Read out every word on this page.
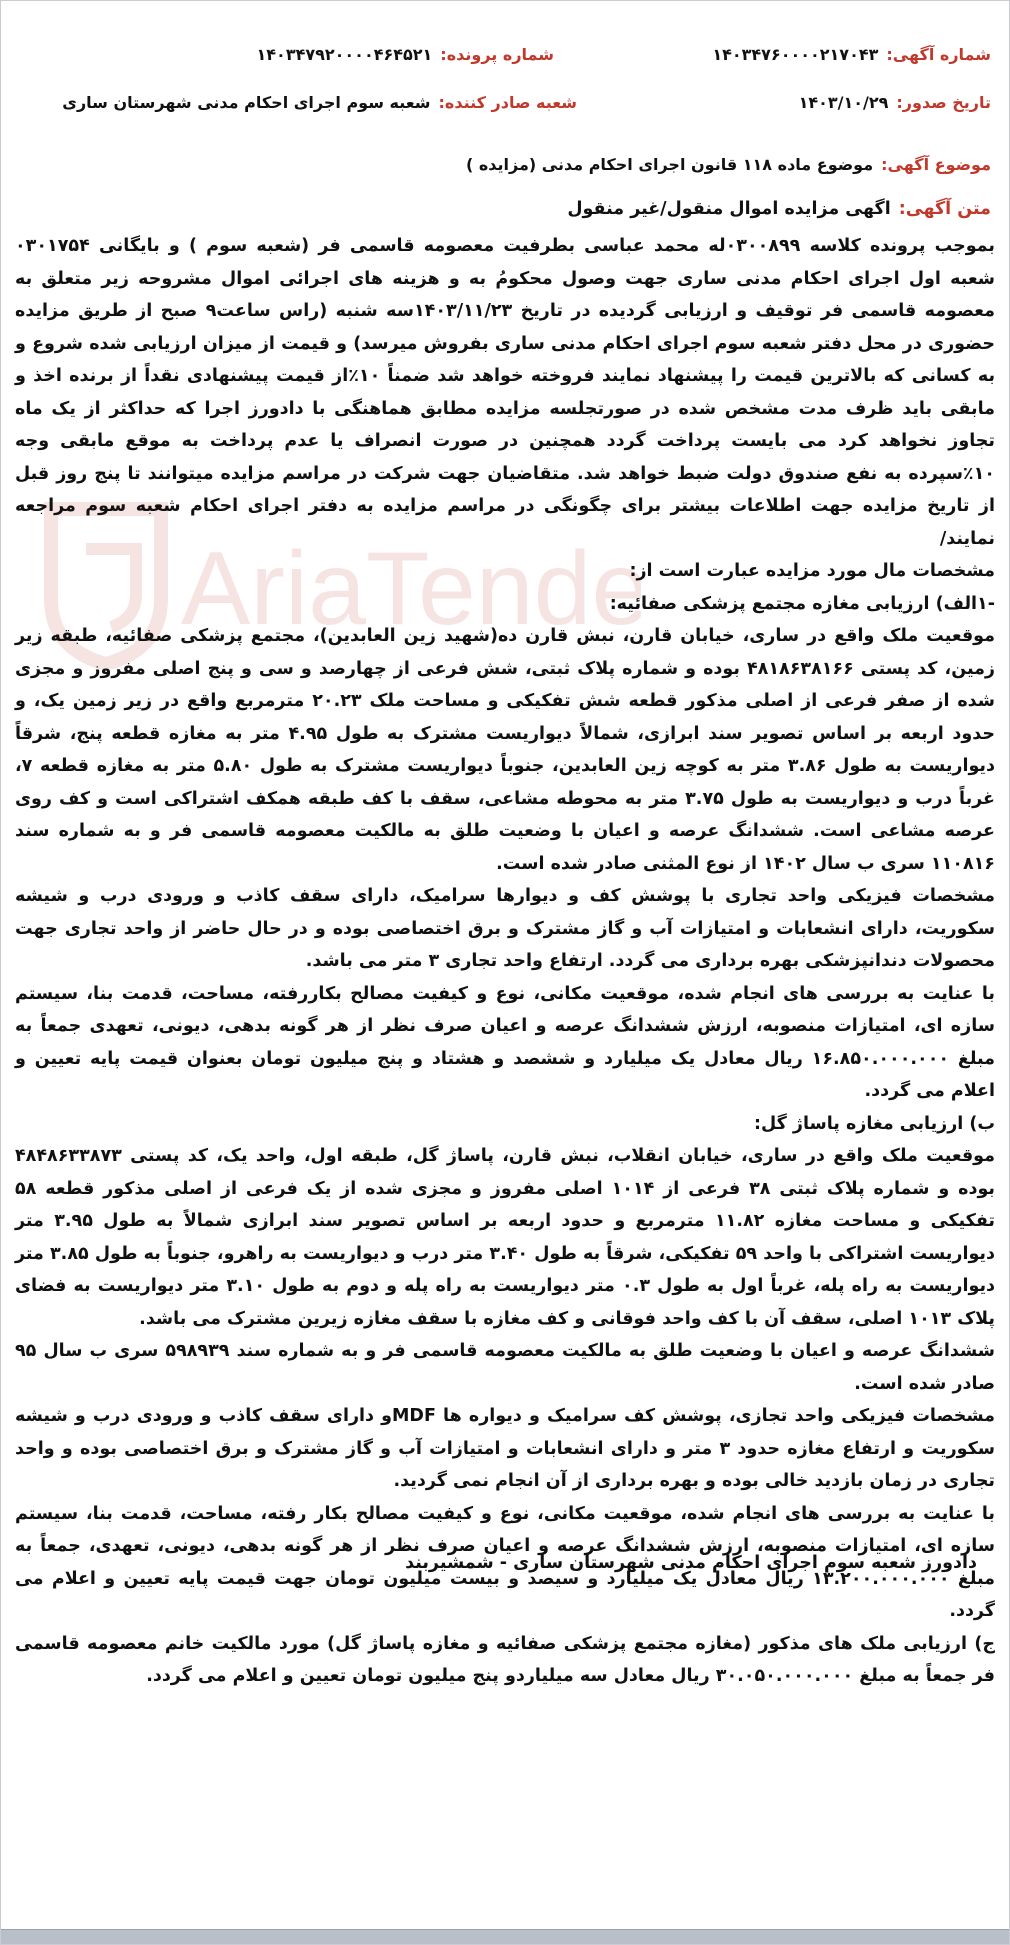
AriaTende
شماره آگهی:۱۴۰۳۴۷۶۰۰۰۰۲۱۷۰۴۳
شماره پرونده:۱۴۰۳۴۷۹۲۰۰۰۰۴۶۴۵۲۱
تاریخ صدور:۱۴۰۳/۱۰/۲۹
شعبه صادر کننده:شعبه سوم اجرای احکام مدنی شهرستان ساری
موضوع آگهی:موضوع ماده ۱۱۸ قانون اجرای احکام مدنی (مزایده )
متن آگهی:اگهی مزایده اموال منقول/غیر منقول

بموجب پرونده کلاسه ۰۳۰۰۸۹۹له محمد عباسی بطرفیت معصومه قاسمی فر (شعبه سوم ) و بایگانی ۰۳۰۱۷۵۴ شعبه اول اجرای احکام مدنی ساری جهت وصول محکومُ به و هزینه های اجرائی اموال مشروحه زیر متعلق به معصومه قاسمی فر توقیف و ارزیابی گردیده در تاریخ ۱۴۰۳/۱۱/۲۳سه شنبه (راس ساعت۹ صبح از طریق مزایده حضوری در محل دفتر شعبه سوم اجرای احکام مدنی ساری بفروش میرسد) و قیمت از میزان ارزیابی شده شروع و به کسانی که بالاترین قیمت را پیشنهاد نمایند فروخته خواهد شد ضمناً ۱۰٪از قیمت پیشنهادی نقداً از برنده اخذ و مابقی باید ظرف مدت مشخص شده در صورتجلسه مزایده مطابق هماهنگی با دادورز اجرا که حداکثر از یک ماه تجاوز نخواهد کرد می بایست پرداخت گردد همچنین در صورت انصراف یا عدم پرداخت به موقع مابقی وجه ۱۰٪سپرده به نفع صندوق دولت ضبط خواهد شد. متقاضیان جهت شرکت در مراسم مزایده میتوانند تا پنج روز قبل از تاریخ مزایده جهت اطلاعات بیشتر برای چگونگی در مراسم مزایده به دفتر اجرای احکام شعبه سوم مراجعه نمایند/

مشخصات مال مورد مزایده عبارت است از:

-۱الف) ارزیابی مغازه مجتمع پزشکی صفائیه:

موقعیت ملک واقع در ساری، خیابان قارن، نبش قارن ده(شهید زین العابدین)، مجتمع پزشکی صفائیه، طبقه زیر زمین، کد پستی ۴۸۱۸۶۳۸۱۶۶ بوده و شماره پلاک ثبتی، شش فرعی از چهارصد و سی و پنج اصلی مفروز و مجزی شده از صفر فرعی از اصلی مذکور قطعه شش تفکیکی و مساحت ملک ۲۰.۲۳ مترمربع واقع در زیر زمین یک، و حدود اربعه بر اساس تصویر سند ابرازی، شمالاً دیواریست مشترک به طول ۴.۹۵ متر به مغازه قطعه پنج، شرقاً دیواریست به طول ۳.۸۶ متر به کوچه زین العابدین، جنوباً دیواریست مشترک به طول ۵.۸۰ متر به مغازه قطعه ۷، غرباً درب و دیواریست به طول ۳.۷۵ متر به محوطه مشاعی، سقف با کف طبقه همکف اشتراکی است و کف روی عرصه مشاعی است. ششدانگ عرصه و اعیان با وضعیت طلق به مالکیت معصومه قاسمی فر و به شماره سند ۱۱۰۸۱۶ سری ب سال ۱۴۰۲ از نوع المثنی صادر شده است.

مشخصات فیزیکی واحد تجاری با پوشش کف و دیوارها سرامیک، دارای سقف کاذب و ورودی درب و شیشه سکوریت، دارای انشعابات و امتیازات آب و گاز مشترک و برق اختصاصی بوده و در حال حاضر از واحد تجاری جهت محصولات دندانپزشکی بهره برداری می گردد. ارتفاع واحد تجاری ۳ متر می باشد.

با عنایت به بررسی های انجام شده، موقعیت مکانی، نوع و کیفیت مصالح بکاررفته، مساحت، قدمت بنا، سیستم سازه ای، امتیازات منصوبه، ارزش ششدانگ عرصه و اعیان صرف نظر از هر گونه بدهی، دیونی، تعهدی جمعاً به مبلغ ۱۶.۸۵۰.۰۰۰.۰۰۰ ریال معادل یک میلیارد و ششصد و هشتاد و پنج میلیون تومان بعنوان قیمت پایه تعیین و اعلام می گردد.

ب) ارزیابی مغازه پاساژ گل:

موقعیت ملک واقع در ساری، خیابان انقلاب، نبش قارن، پاساژ گل، طبقه اول، واحد یک، کد پستی ۴۸۴۸۶۳۳۸۷۳ بوده و شماره پلاک ثبتی ۳۸ فرعی از ۱۰۱۴ اصلی مفروز و مجزی شده از یک فرعی از اصلی مذکور قطعه ۵۸ تفکیکی و مساحت مغازه ۱۱.۸۲ مترمربع و حدود اربعه بر اساس تصویر سند ابرازی شمالاً به طول ۳.۹۵ متر دیواریست اشتراکی با واحد ۵۹ تفکیکی، شرقاً به طول ۳.۴۰ متر درب و دیواریست به راهرو، جنوباً به طول ۳.۸۵ متر دیواریست به راه پله، غرباً اول به طول ۰.۳ متر دیواریست به راه پله و دوم به طول ۳.۱۰ متر دیواریست به فضای پلاک ۱۰۱۳ اصلی، سقف آن با کف واحد فوقانی و کف مغازه با سقف مغازه زیرین مشترک می باشد.

ششدانگ عرصه و اعیان با وضعیت طلق به مالکیت معصومه قاسمی فر و به شماره سند ۵۹۸۹۳۹ سری ب سال ۹۵ صادر شده است.

مشخصات فیزیکی واحد تجازی، پوشش کف سرامیک و دیواره ها MDFو دارای سقف کاذب و ورودی درب و شیشه سکوریت و ارتفاع مغازه حدود ۳ متر و دارای انشعابات و امتیازات آب و گاز مشترک و برق اختصاصی بوده و واحد تجاری در زمان بازدید خالی بوده و بهره برداری از آن انجام نمی گردید.

با عنایت به بررسی های انجام شده، موقعیت مکانی، نوع و کیفیت مصالح بکار رفته، مساحت، قدمت بنا، سیستم سازه ای، امتیازات منصوبه، ارزش ششدانگ عرصه و اعیان صرف نظر از هر گونه بدهی، دیونی، تعهدی، جمعاً به مبلغ ۱۳.۲۰۰.۰۰۰.۰۰۰ ریال معادل یک میلیارد و سیصد و بیست میلیون تومان جهت قیمت پایه تعیین و اعلام می گردد.

ج) ارزیابی ملک های مذکور (مغازه مجتمع پزشکی صفائیه و مغازه پاساژ گل) مورد مالکیت خانم معصومه قاسمی فر جمعاً به مبلغ ۳۰.۰۵۰.۰۰۰.۰۰۰ ریال معادل سه میلیاردو پنج میلیون تومان تعیین و اعلام می گردد.

دادورز شعبه سوم اجرای احکام مدنی شهرستان ساری - شمشیربند
